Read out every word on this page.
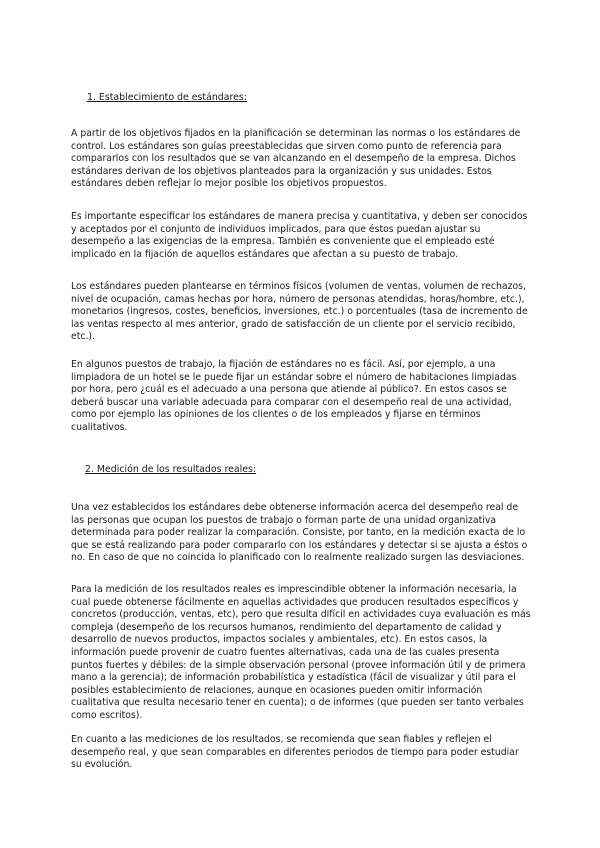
1. Establecimiento de estándares:
A partir de los objetivos fijados en la planificación se determinan las normas o los estándares de
control. Los estándares son guías preestablecidas que sirven como punto de referencia para
compararlos con los resultados que se van alcanzando en el desempeño de la empresa. Dichos
estándares derivan de los objetivos planteados para la organización y sus unidades. Estos
estándares deben reflejar lo mejor posible los objetivos propuestos.
Es importante especificar los estándares de manera precisa y cuantitativa, y deben ser conocidos
y aceptados por el conjunto de individuos implicados, para que éstos puedan ajustar su
desempeño a las exigencias de la empresa. También es conveniente que el empleado esté
implicado en la fijación de aquellos estándares que afectan a su puesto de trabajo.
Los estándares pueden plantearse en términos físicos (volumen de ventas, volumen de rechazos,
nivel de ocupación, camas hechas por hora, número de personas atendidas, horas/hombre, etc.),
monetarios (ingresos, costes, beneficios, inversiones, etc.) o porcentuales (tasa de incremento de
las ventas respecto al mes anterior, grado de satisfacción de un cliente por el servicio recibido,
etc.).
En algunos puestos de trabajo, la fijación de estándares no es fácil. Así, por ejemplo, a una
limpiadora de un hotel se le puede fijar un estándar sobre el número de habitaciones limpiadas
por hora, pero ¿cuál es el adecuado a una persona que atiende al público?. En estos casos se
deberá buscar una variable adecuada para comparar con el desempeño real de una actividad,
como por ejemplo las opiniones de los clientes o de los empleados y fijarse en términos
cualitativos.
2. Medición de los resultados reales:
Una vez establecidos los estándares debe obtenerse información acerca del desempeño real de
las personas que ocupan los puestos de trabajo o forman parte de una unidad organizativa
determinada para poder realizar la comparación. Consiste, por tanto, en la medición exacta de lo
que se está realizando para poder compararlo con los estándares y detectar si se ajusta a éstos o
no. En caso de que no coincida lo planificado con lo realmente realizado surgen las desviaciones.
Para la medición de los resultados reales es imprescindible obtener la información necesaria, la
cual puede obtenerse fácilmente en aquellas actividades que producen resultados específicos y
concretos (producción, ventas, etc), pero que resulta difícil en actividades cuya evaluación es más
compleja (desempeño de los recursos humanos, rendimiento del departamento de calidad y
desarrollo de nuevos productos, impactos sociales y ambientales, etc). En estos casos, la
información puede provenir de cuatro fuentes alternativas, cada una de las cuales presenta
puntos fuertes y débiles: de la simple observación personal (provee información útil y de primera
mano a la gerencia); de información probabilística y estadística (fácil de visualizar y útil para el
posibles establecimiento de relaciones, aunque en ocasiones pueden omitir información
cualitativa que resulta necesario tener en cuenta); o de informes (que pueden ser tanto verbales
como escritos).
En cuanto a las mediciones de los resultados, se recomienda que sean fiables y reflejen el
desempeño real, y que sean comparables en diferentes periodos de tiempo para poder estudiar
su evolución.
